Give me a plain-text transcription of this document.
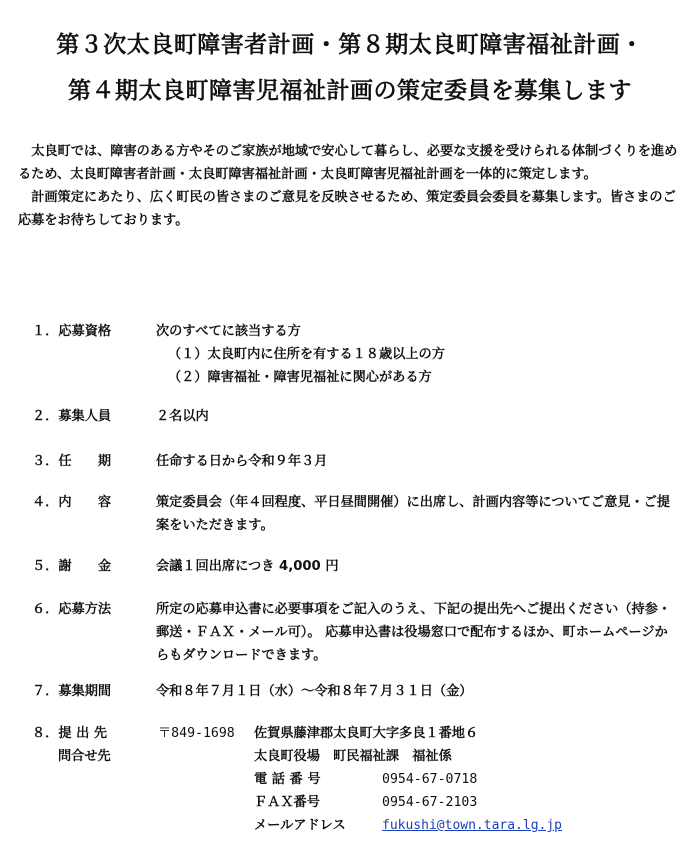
第３次太良町障害者計画・第８期太良町障害福祉計画・
第４期太良町障害児福祉計画の策定委員を募集します

太良町では、障害のある方やそのご家族が地域で安心して暮らし、必要な支援を受けられる体制づくりを進めるため、太良町障害者計画・太良町障害福祉計画・太良町障害児福祉計画を一体的に策定します。

計画策定にあたり、広く町民の皆さまのご意見を反映させるため、策定委員会委員を募集します。皆さまのご応募をお待ちしております。

１．応募資格	次のすべてに該当する方
（１）太良町内に住所を有する１８歳以上の方
（２）障害福祉・障害児福祉に関心がある方
２．募集人員	２名以内
３．任　　期	任命する日から令和９年３月
４．内　　容	策定委員会（年４回程度、平日昼間開催）に出席し、計画内容等についてご意見・ご提案をいただきます。
５．謝　　金	会議１回出席につき 4,000 円
６．応募方法	所定の応募申込書に必要事項をご記入のうえ、下記の提出先へご提出ください（持参・郵送・ＦＡＸ・メール可）。 応募申込書は役場窓口で配布するほか、町ホームページからもダウンロードできます。
７．募集期間	令和８年７月１日（水）～令和８年７月３１日（金）
８．提 出 先
問合せ先
〒849-1698	佐賀県藤津郡太良町大字多良１番地６
太良町役場　町民福祉課　福祉係
電 話 番 号	0954-67-0718
ＦＡＸ番号	0954-67-2103
メールアドレス	fukushi@town.tara.lg.jp
